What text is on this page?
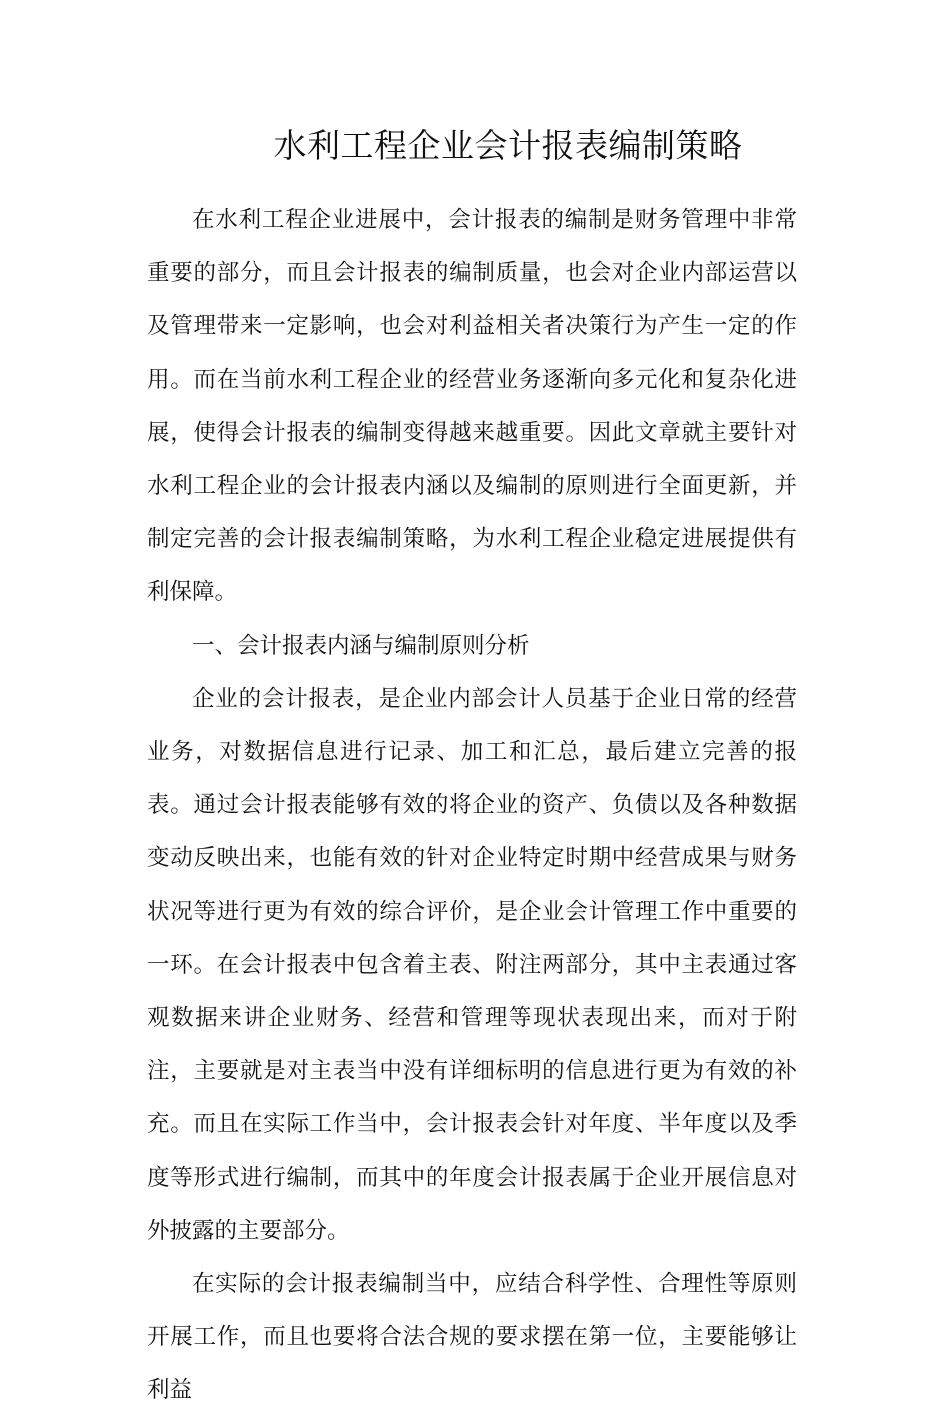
水利工程企业会计报表编制策略

在水利工程企业进展中，会计报表的编制是财务管理中非常重要的部分，而且会计报表的编制质量，也会对企业内部运营以及管理带来一定影响，也会对利益相关者决策行为产生一定的作用。而在当前水利工程企业的经营业务逐渐向多元化和复杂化进展，使得会计报表的编制变得越来越重要。因此文章就主要针对水利工程企业的会计报表内涵以及编制的原则进行全面更新，并制定完善的会计报表编制策略，为水利工程企业稳定进展提供有利保障。

一、会计报表内涵与编制原则分析

企业的会计报表，是企业内部会计人员基于企业日常的经营业务，对数据信息进行记录、加工和汇总，最后建立完善的报表。通过会计报表能够有效的将企业的资产、负债以及各种数据变动反映出来，也能有效的针对企业特定时期中经营成果与财务状况等进行更为有效的综合评价，是企业会计管理工作中重要的一环。在会计报表中包含着主表、附注两部分，其中主表通过客观数据来讲企业财务、经营和管理等现状表现出来，而对于附注，主要就是对主表当中没有详细标明的信息进行更为有效的补充。而且在实际工作当中，会计报表会针对年度、半年度以及季度等形式进行编制，而其中的年度会计报表属于企业开展信息对外披露的主要部分。

在实际的会计报表编制当中，应结合科学性、合理性等原则开展工作，而且也要将合法合规的要求摆在第一位，主要能够让利益
